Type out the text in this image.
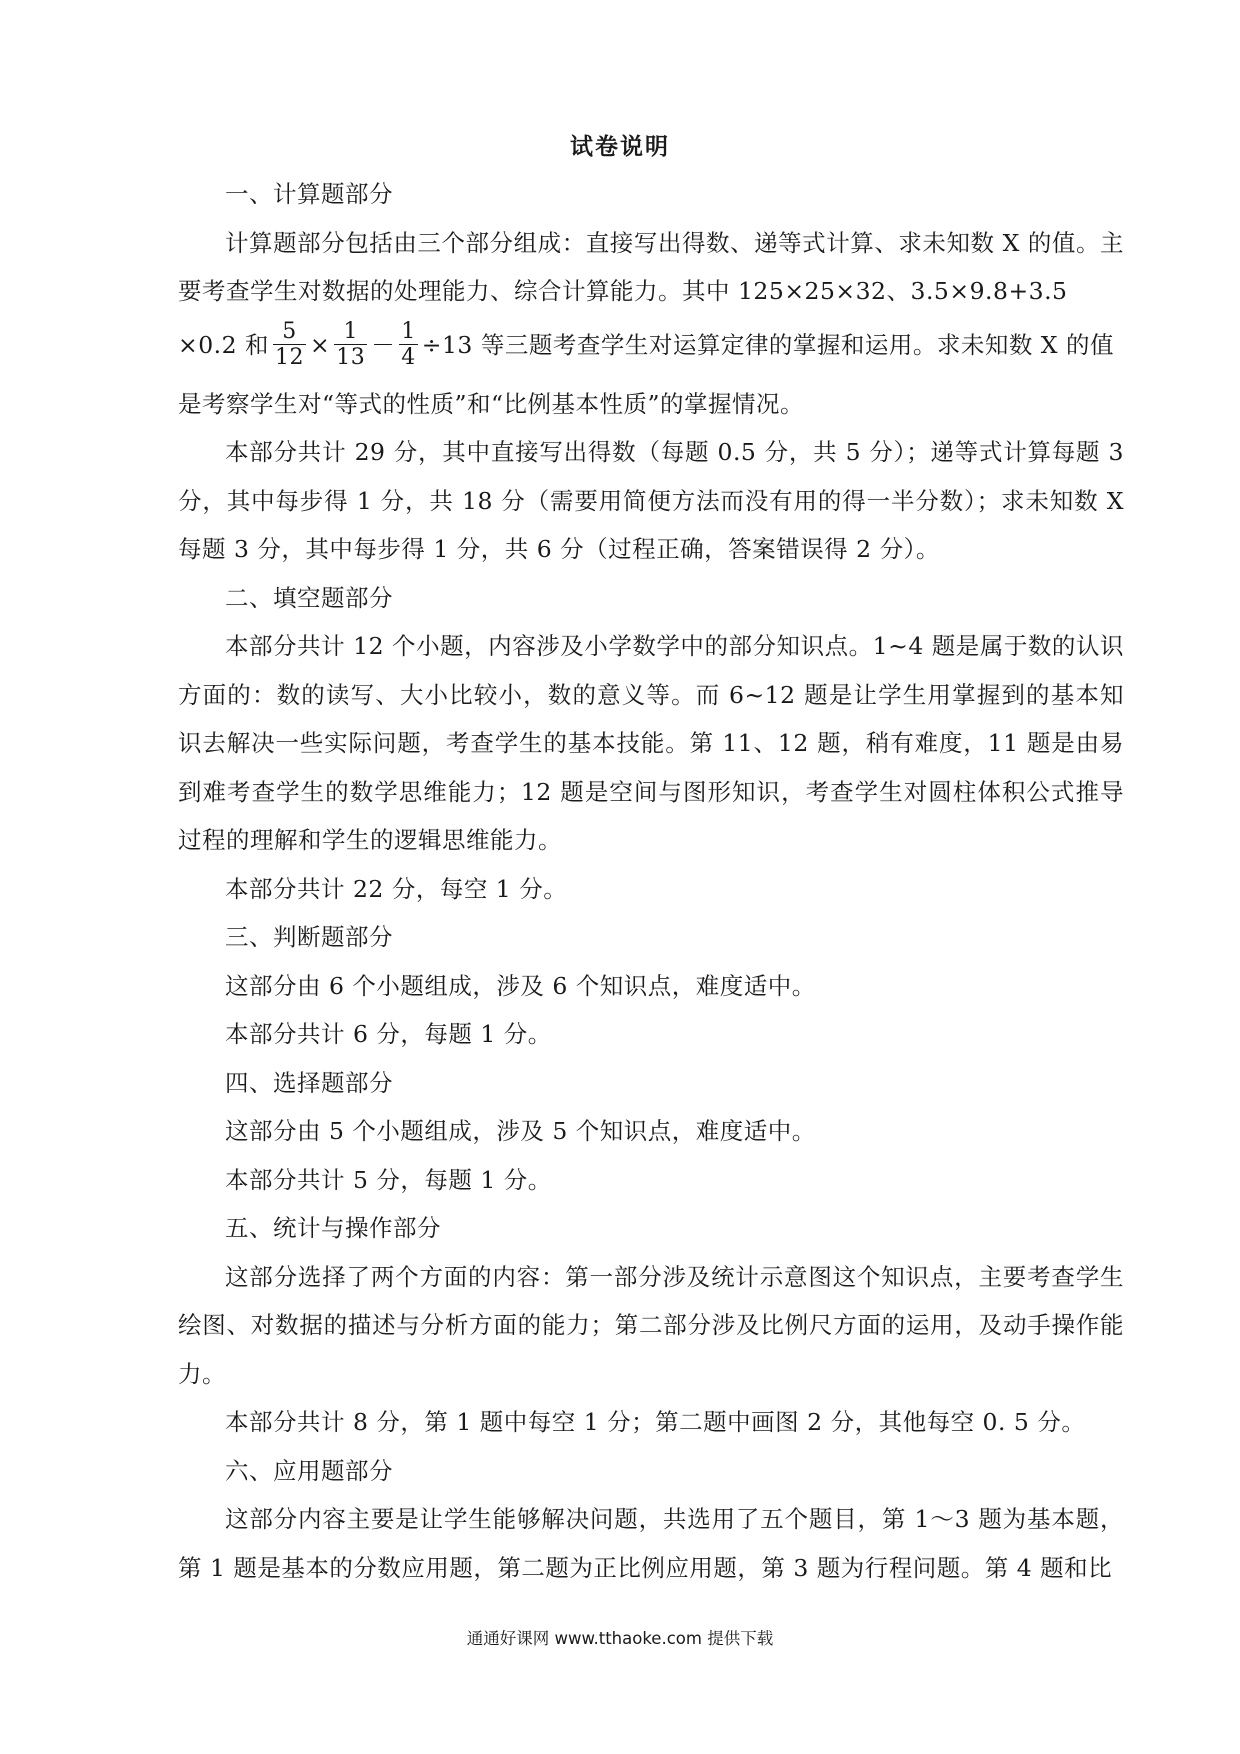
试卷说明

一、计算题部分

计算题部分包括由三个部分组成：直接写出得数、递等式计算、求未知数 X 的值。主要考查学生对数据的处理能力、综合计算能力。其中 125×25×32、3.5×9.8+3.5

×0.2 和 $\frac{5}{12} \times \frac{1}{13} - \frac{1}{4} \div 13$ 等三题考查学生对运算定律的掌握和运用。求未知数 X 的值

是考察学生对“等式的性质”和“比例基本性质”的掌握情况。

本部分共计 29 分，其中直接写出得数（每题 0.5 分，共 5 分）；递等式计算每题 3 分，其中每步得 1 分，共 18 分（需要用简便方法而没有用的得一半分数）；求未知数 X 每题 3 分，其中每步得 1 分，共 6 分（过程正确，答案错误得 2 分）。

二、填空题部分

本部分共计 12 个小题，内容涉及小学数学中的部分知识点。1~4 题是属于数的认识方面的：数的读写、大小比较小，数的意义等。而 6~12 题是让学生用掌握到的基本知识去解决一些实际问题，考查学生的基本技能。第 11、12 题，稍有难度，11 题是由易到难考查学生的数学思维能力；12 题是空间与图形知识，考查学生对圆柱体积公式推导过程的理解和学生的逻辑思维能力。

本部分共计 22 分，每空 1 分。

三、判断题部分

这部分由 6 个小题组成，涉及 6 个知识点，难度适中。

本部分共计 6 分，每题 1 分。

四、选择题部分

这部分由 5 个小题组成，涉及 5 个知识点，难度适中。

本部分共计 5 分，每题 1 分。

五、统计与操作部分

这部分选择了两个方面的内容：第一部分涉及统计示意图这个知识点，主要考查学生绘图、对数据的描述与分析方面的能力；第二部分涉及比例尺方面的运用，及动手操作能力。

本部分共计 8 分，第 1 题中每空 1 分；第二题中画图 2 分，其他每空 0. 5 分。

六、应用题部分

这部分内容主要是让学生能够解决问题，共选用了五个题目，第 1～3 题为基本题，第 1 题是基本的分数应用题，第二题为正比例应用题，第 3 题为行程问题。第 4 题和比

通通好课网 www.tthaoke.com 提供下载
